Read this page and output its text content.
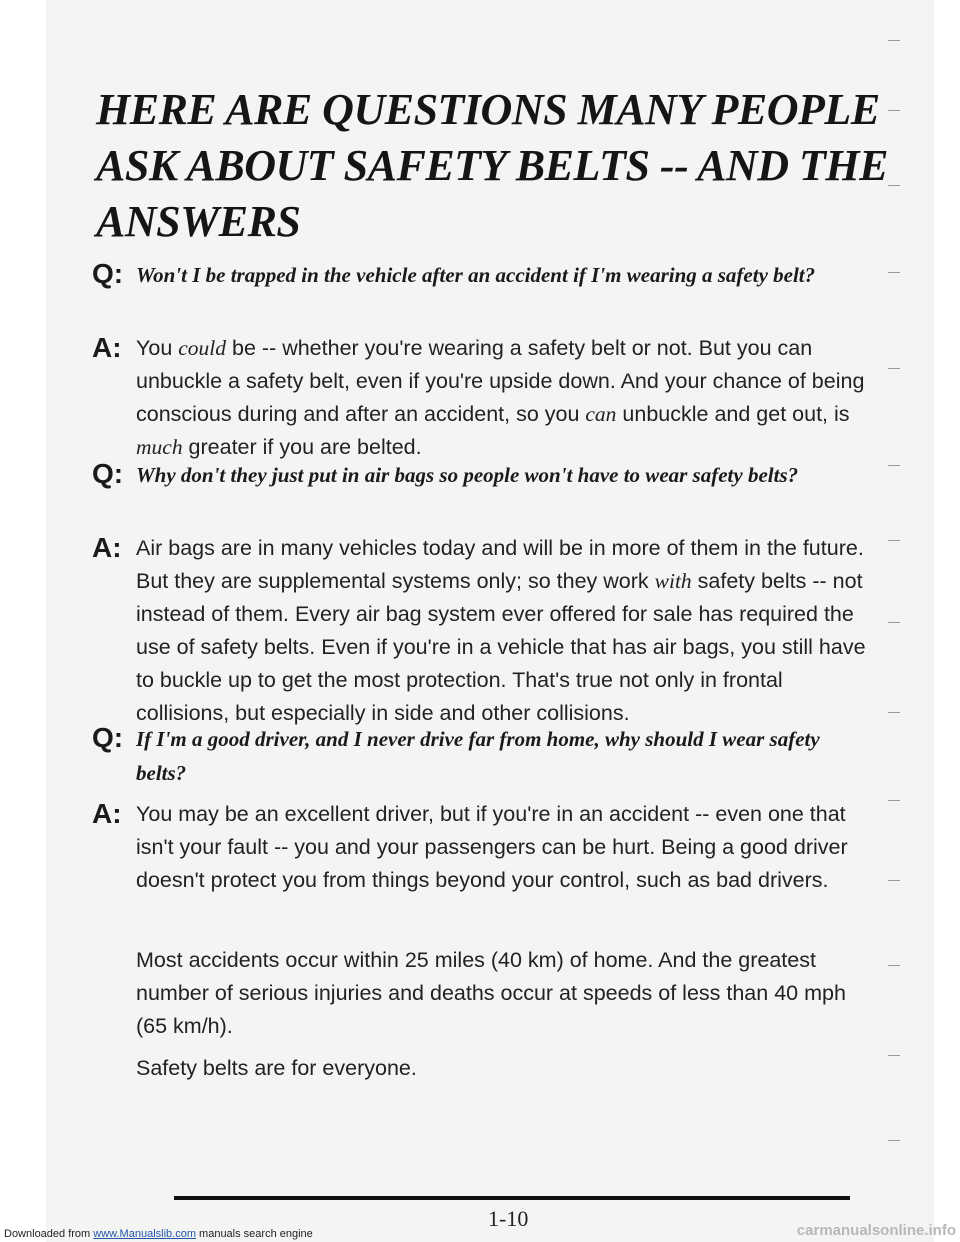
HERE ARE QUESTIONS MANY PEOPLE
ASK ABOUT SAFETY BELTS -- AND THE
ANSWERS
Q: Won't I be trapped in the vehicle after an accident if I'm wearing a safety belt?
A: You could be -- whether you're wearing a safety belt or not. But you can unbuckle a safety belt, even if you're upside down. And your chance of being conscious during and after an accident, so you can unbuckle and get out, is much greater if you are belted.
Q: Why don't they just put in air bags so people won't have to wear safety belts?
A: Air bags are in many vehicles today and will be in more of them in the future. But they are supplemental systems only; so they work with safety belts -- not instead of them. Every air bag system ever offered for sale has required the use of safety belts. Even if you're in a vehicle that has air bags, you still have to buckle up to get the most protection. That's true not only in frontal collisions, but especially in side and other collisions.
Q: If I'm a good driver, and I never drive far from home, why should I wear safety belts?
A: You may be an excellent driver, but if you're in an accident -- even one that isn't your fault -- you and your passengers can be hurt. Being a good driver doesn't protect you from things beyond your control, such as bad drivers.
Most accidents occur within 25 miles (40 km) of home. And the greatest number of serious injuries and deaths occur at speeds of less than 40 mph (65 km/h).
Safety belts are for everyone.
1-10
Downloaded from www.Manualslib.com manuals search engine	carmanualsonline.info
